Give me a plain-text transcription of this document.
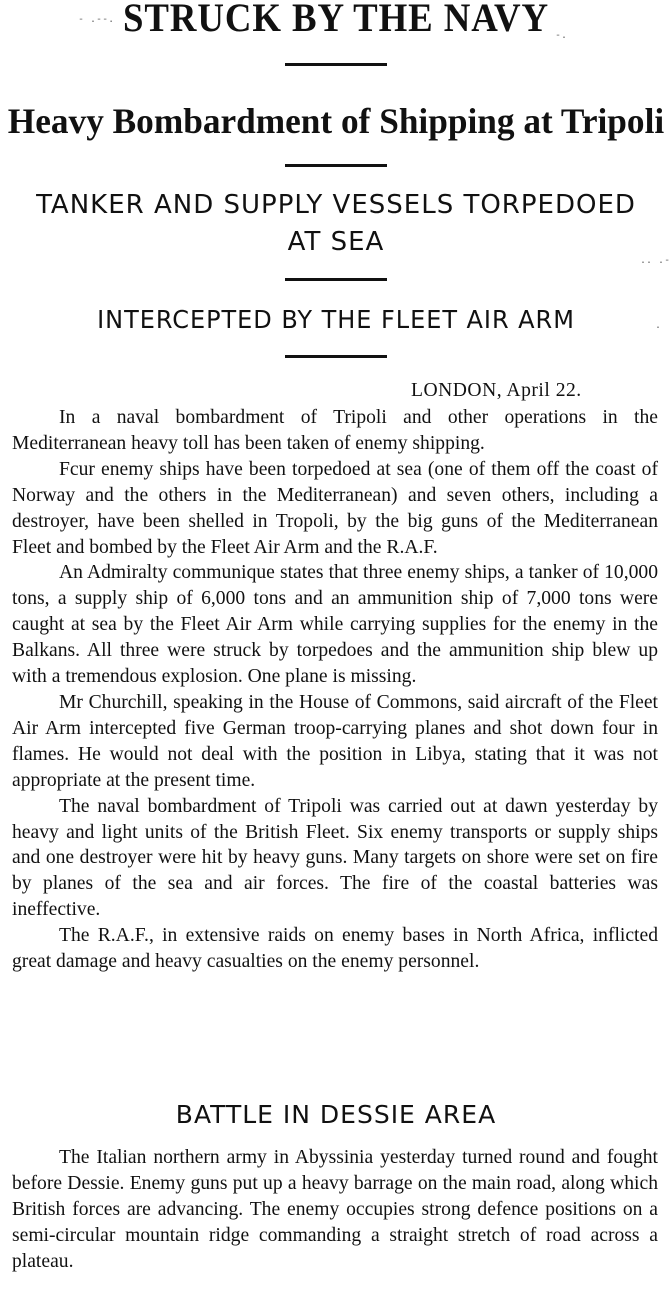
STRUCK BY THE NAVY
Heavy Bombardment of Shipping at Tripoli
TANKER AND SUPPLY VESSELS TORPEDOED
AT SEA
INTERCEPTED BY THE FLEET AIR ARM
LONDON, April 22.

In a naval bombardment of Tripoli and other operations in the Mediterranean heavy toll has been taken of enemy shipping.

Fcur enemy ships have been torpedoed at sea (one of them off the coast of Norway and the others in the Mediterranean) and seven others, including a destroyer, have been shelled in Tropoli, by the big guns of the Mediterranean Fleet and bombed by the Fleet Air Arm and the R.A.F.

An Admiralty communique states that three enemy ships, a tanker of 10,000 tons, a supply ship of 6,000 tons and an ammunition ship of 7,000 tons were caught at sea by the Fleet Air Arm while carrying supplies for the enemy in the Balkans. All three were struck by torpedoes and the ammunition ship blew up with a tremendous explosion. One plane is missing.

Mr Churchill, speaking in the House of Commons, said aircraft of the Fleet Air Arm intercepted five German troop-carrying planes and shot down four in flames. He would not deal with the position in Libya, stating that it was not appropriate at the present time.

The naval bombardment of Tripoli was carried out at dawn yesterday by heavy and light units of the British Fleet. Six enemy transports or supply ships and one destroyer were hit by heavy guns. Many targets on shore were set on fire by planes of the sea and air forces. The fire of the coastal batteries was ineffective.

The R.A.F., in extensive raids on enemy bases in North Africa, inflicted great damage and heavy casualties on the enemy personnel.

BATTLE IN DESSIE AREA

The Italian northern army in Abyssinia yesterday turned round and fought before Dessie. Enemy guns put up a heavy barrage on the main road, along which British forces are advancing. The enemy occupies strong defence positions on a semi-circular mountain ridge commanding a straight stretch of road across a plateau.

- .--.
-.
.. .-
.
